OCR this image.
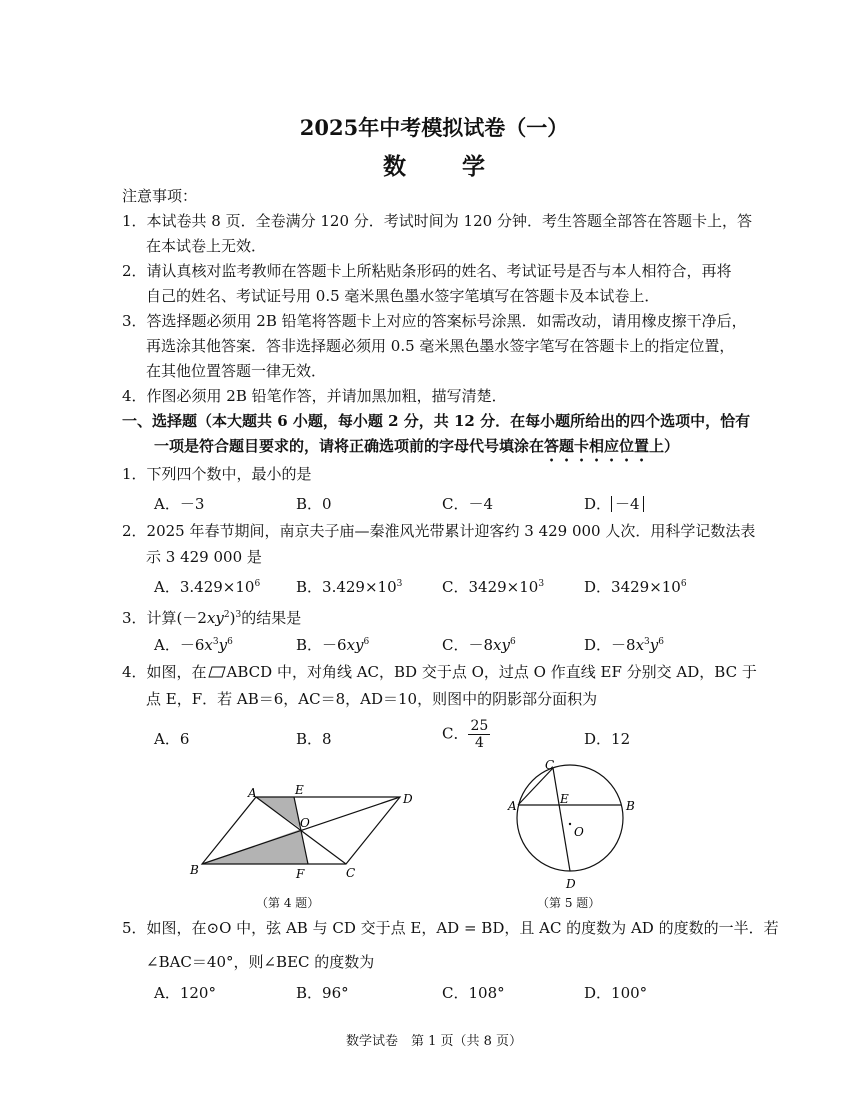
2025年中考模拟试卷（一）
数 学
注意事项：
1．本试卷共 8 页．全卷满分 120 分．考试时间为 120 分钟．考生答题全部答在答题卡上，答
在本试卷上无效．
2．请认真核对监考教师在答题卡上所粘贴条形码的姓名、考试证号是否与本人相符合，再将
自己的姓名、考试证号用 0.5 毫米黑色墨水签字笔填写在答题卡及本试卷上．
3．答选择题必须用 2B 铅笔将答题卡上对应的答案标号涂黑．如需改动，请用橡皮擦干净后，
再选涂其他答案．答非选择题必须用 0.5 毫米黑色墨水签字笔写在答题卡上的指定位置，
在其他位置答题一律无效．
4．作图必须用 2B 铅笔作答，并请加黑加粗，描写清楚．
一、选择题（本大题共 6 小题，每小题 2 分，共 12 分．在每小题所给出的四个选项中，恰有
一项是符合题目要求的，请将正确选项前的字母代号填涂在答题卡相应位置上）
1．下列四个数中，最小的是
A．－3	B．0	C．－4	D． －4
2．2025 年春节期间，南京夫子庙—秦淮风光带累计迎客约 3 429 000 人次．用科学记数法表
示 3 429 000 是
A．$3.429\times 10^6$ B．$3.429\times 10^3$	C．$3429\times 10^3$	D．$3429\times 10^6$
3．计算$(-2xy^2)^3$的结果是
A．$-6x^3y^6$	B．$-6xy^6$	C．$-8xy^6$	D．$-8x^3y^6$
4．如图，在 ABCD 中，对角线 AC，BD 交于点 O，过点 O 作直线 EF 分别交 AD，BC 于
点 E，F．若 AB＝6，AC＝8，AD＝10，则图中的阴影部分面积为
A．6	B．8	C． $\frac{25}{4}$	D．12
A	E
D
O
B	F	C
（第 4 题）
C
A	E	B
O
D
（第 5 题）
5．如图，在⊙O 中，弦 AB 与 CD 交于点 E，AD = BD，且 AC 的度数为 AD 的度数的一半．若
∠BAC＝40°，则∠BEC 的度数为
A．120°	B．96°	C．108°	D．100°
数学试卷　第 1 页（共 8 页）
